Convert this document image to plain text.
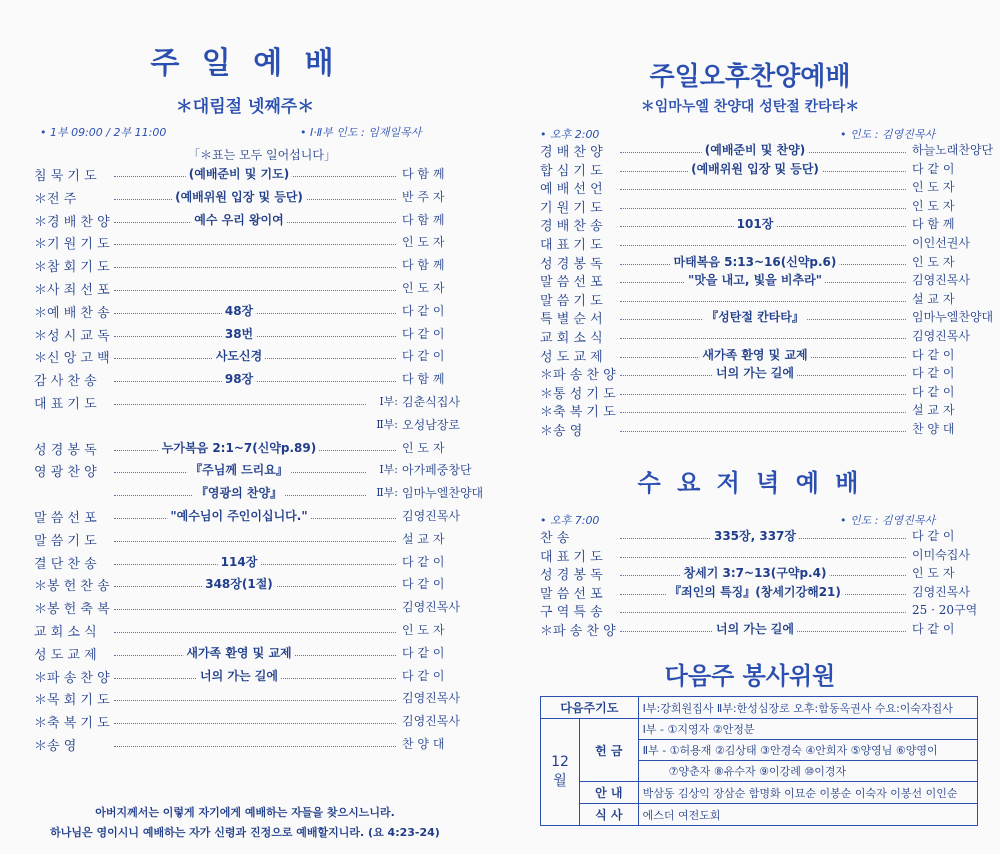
주 일 예 배
＊대림절 넷째주＊
• 1부 09:00 / 2부 11:00	• Ⅰ·Ⅱ부 인도 : 임재일목사
「＊표는 모두 일어섭니다」
침 묵 기 도	(예배준비 및 기도)	다 함 께
＊전 주	(예배위원 입장 및 등단)	반 주 자
＊경 배 찬 양	예수 우리 왕이여	다 함 께
＊기 원 기 도	인 도 자
＊참 회 기 도	다 함 께
＊사 죄 선 포	인 도 자
＊예 배 찬 송	48장	다 같 이
＊성 시 교 독	38번	다 같 이
＊신 앙 고 백	사도신경	다 같 이
감 사 찬 송	98장	다 함 께
대 표 기 도	Ⅰ부: 김춘식집사
Ⅱ부: 오성남장로
성 경 봉 독	누가복음 2:1~7(신약p.89)	인 도 자
영 광 찬 양	『주님께 드리요』	Ⅰ부: 아가페중창단
『영광의 찬양』	Ⅱ부: 임마누엘찬양대
말 씀 선 포	"예수님이 주인이십니다."	김영진목사
말 씀 기 도	설 교 자
결 단 찬 송	114장	다 같 이
＊봉 헌 찬 송	348장(1절)	다 같 이
＊봉 헌 축 복	김영진목사
교 회 소 식	인 도 자
성 도 교 제	새가족 환영 및 교제	다 같 이
＊파 송 찬 양	너의 가는 길에	다 같 이
＊목 회 기 도	김영진목사
＊축 복 기 도	김영진목사
＊송 영	찬 양 대
아버지께서는 이렇게 자기에게 예배하는 자들을 찾으시느니라.
하나님은 영이시니 예배하는 자가 신령과 진정으로 예배할지니라. (요 4:23-24)
주일오후찬양예배
＊임마누엘 찬양대 성탄절 칸타타＊
• 오후 2:00	• 인도 : 김영진목사
경 배 찬 양	(예배준비 및 찬양)	하늘노래찬양단
합 심 기 도	(예배위원 입장 및 등단)	다 같 이
예 배 선 언	인 도 자
기 원 기 도	인 도 자
경 배 찬 송	101장	다 함 께
대 표 기 도	이인선권사
성 경 봉 독	마태복음 5:13~16(신약p.6)	인 도 자
말 씀 선 포	"맛을 내고, 빛을 비추라"	김영진목사
말 씀 기 도	설 교 자
특 별 순 서	『성탄절 칸타타』	임마누엘찬양대
교 회 소 식	김영진목사
성 도 교 제	새가족 환영 및 교제	다 같 이
＊파 송 찬 양	너의 가는 길에	다 같 이
＊통 성 기 도	다 같 이
＊축 복 기 도	설 교 자
＊송 영	찬 양 대
수 요 저 녁 예 배
• 오후 7:00	• 인도 : 김영진목사
찬 송	335장, 337장	다 같 이
대 표 기 도	이미숙집사
성 경 봉 독	창세기 3:7~13(구약p.4)	인 도 자
말 씀 선 포	『죄인의 특징』(창세기강해21)	김영진목사
구 역 특 송	25 · 20구역
＊파 송 찬 양	너의 가는 길에	다 같 이
다음주 봉사위원
다음주기도		Ⅰ부:강희원집사 Ⅱ부:한성심장로 오후:함동옥권사 수요:이숙자집사
12월	헌 금	Ⅰ부 - ①지영자 ②안정분
		Ⅱ부 - ①허용재 ②김상태 ③안경숙 ④안희자 ⑤양영님 ⑥양영이
		⑦양춘자 ⑧유수자 ⑨이강례 ⑩이경자
	안 내	박삼동 김상익 장삼순 함명화 이묘순 이봉순 이숙자 이봉선 이인순
	식 사	에스더 여전도회
